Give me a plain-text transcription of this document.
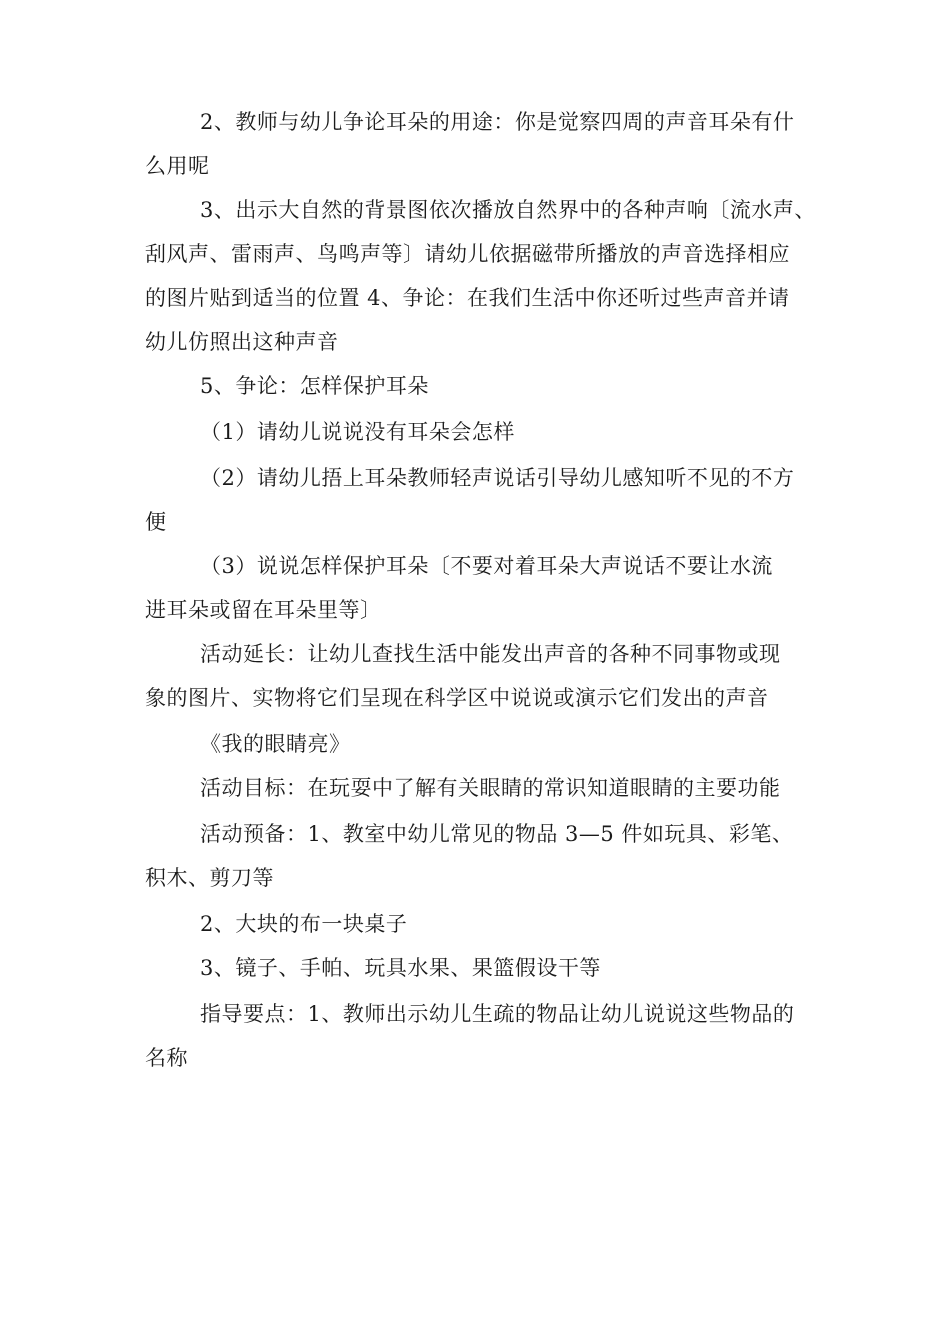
2、教师与幼儿争论耳朵的用途：你是觉察四周的声音耳朵有什
么用呢
3、出示大自然的背景图依次播放自然界中的各种声响〔流水声、
刮风声、雷雨声、鸟鸣声等〕请幼儿依据磁带所播放的声音选择相应
的图片贴到适当的位置 4、争论：在我们生活中你还听过些声音并请
幼儿仿照出这种声音
5、争论：怎样保护耳朵
（1）请幼儿说说没有耳朵会怎样
（2）请幼儿捂上耳朵教师轻声说话引导幼儿感知听不见的不方
便
（3）说说怎样保护耳朵〔不要对着耳朵大声说话不要让水流
进耳朵或留在耳朵里等〕
活动延长：让幼儿查找生活中能发出声音的各种不同事物或现
象的图片、实物将它们呈现在科学区中说说或演示它们发出的声音
《我的眼睛亮》
活动目标：在玩耍中了解有关眼睛的常识知道眼睛的主要功能
活动预备：1、教室中幼儿常见的物品 3—5 件如玩具、彩笔、
积木、剪刀等
2、大块的布一块桌子
3、镜子、手帕、玩具水果、果篮假设干等
指导要点：1、教师出示幼儿生疏的物品让幼儿说说这些物品的
名称
